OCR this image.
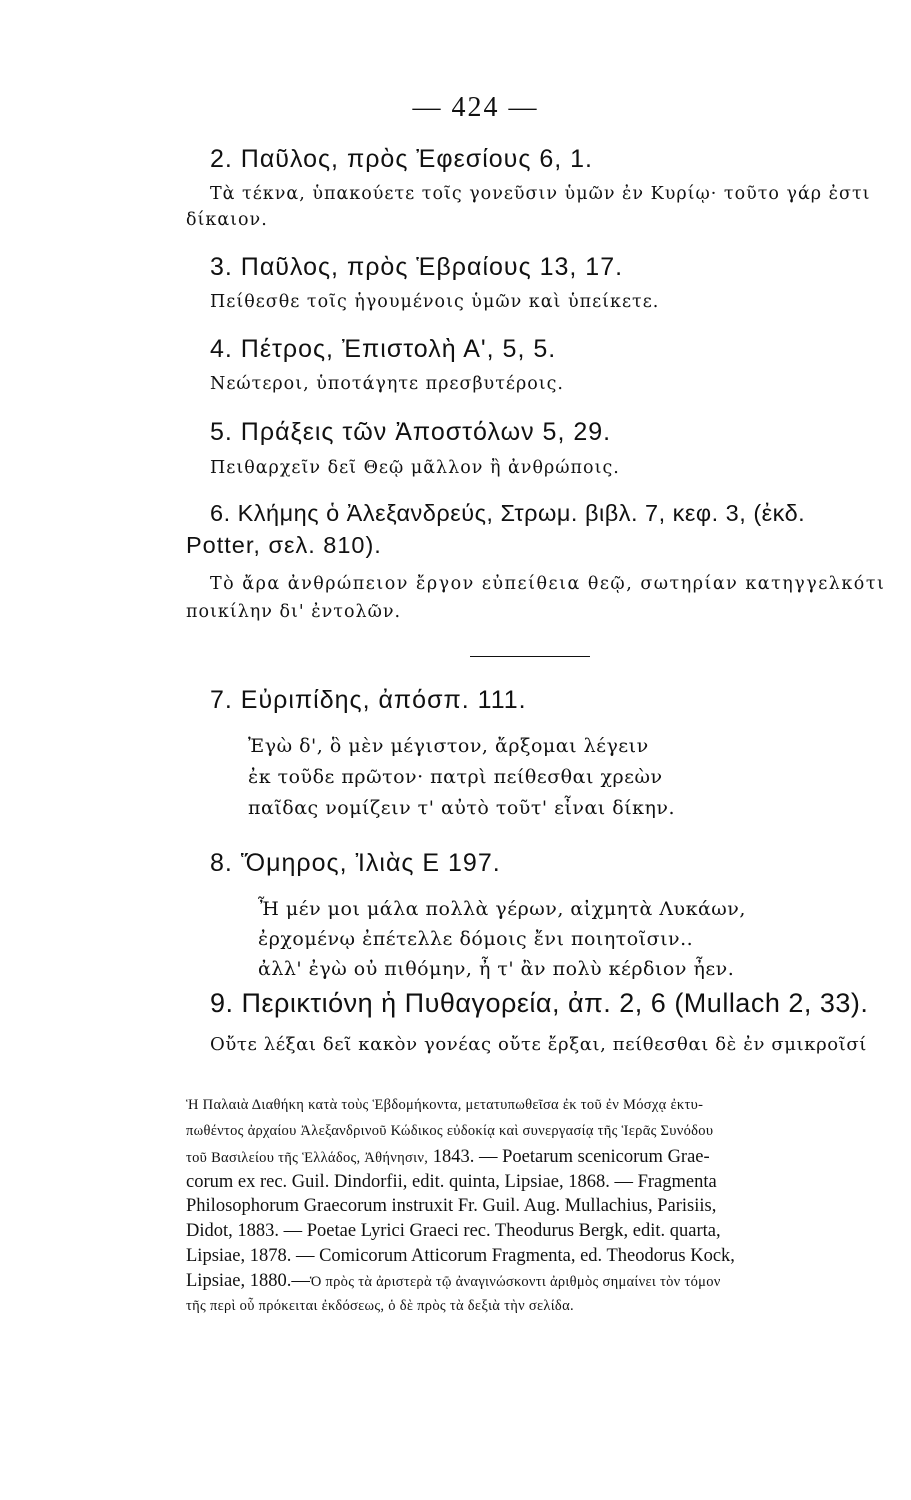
— 424 —
2. Παῦλος, πρὸς Ἐφεσίους 6, 1.
Τὰ τέκνα, ὑπακούετε τοῖς γονεῦσιν ὑμῶν ἐν Κυρίῳ· τοῦτο γάρ ἐστι
δίκαιον.
3. Παῦλος, πρὸς Ἑβραίους 13, 17.
Πείθεσθε τοῖς ἡγουμένοις ὑμῶν καὶ ὑπείκετε.
4. Πέτρος, Ἐπιστολὴ Α', 5, 5.
Νεώτεροι, ὑποτάγητε πρεσβυτέροις.
5. Πράξεις τῶν Ἀποστόλων 5, 29.
Πειθαρχεῖν δεῖ Θεῷ μᾶλλον ἢ ἀνθρώποις.
6. Κλήμης ὁ Ἀλεξανδρεύς, Στρωμ. βιβλ. 7, κεφ. 3, (ἐκδ.
Potter, σελ. 810).
Τὸ ἄρα ἀνθρώπειον ἔργον εὐπείθεια θεῷ, σωτηρίαν κατηγγελκότι
ποικίλην δι' ἐντολῶν.
7. Εὐριπίδης, ἀπόσπ. 111.
Ἐγὼ δ', ὃ μὲν μέγιστον, ἄρξομαι λέγειν
ἐκ τοῦδε πρῶτον· πατρὶ πείθεσθαι χρεὼν
παῖδας νομίζειν τ' αὐτὸ τοῦτ' εἶναι δίκην.
8. Ὅμηρος, Ἰλιὰς Ε 197.
Ἦ μέν μοι μάλα πολλὰ γέρων, αἰχμητὰ Λυκάων,
ἐρχομένῳ ἐπέτελλε δόμοις ἔνι ποιητοῖσιν..
ἀλλ' ἐγὼ οὐ πιθόμην, ἦ τ' ἂν πολὺ κέρδιον ἦεν.
9. Περικτιόνη ἡ Πυθαγορεία, ἀπ. 2, 6 (Mullach 2, 33).
Οὔτε λέξαι δεῖ κακὸν γονέας οὔτε ἔρξαι, πείθεσθαι δὲ ἐν σμικροῖσί
Ἡ Παλαιὰ Διαθήκη κατὰ τοὺς Ἑβδομήκοντα, μετατυπωθεῖσα ἐκ τοῦ ἐν Μόσχᾳ ἐκτυ-
πωθέντος ἀρχαίου Ἀλεξανδρινοῦ Κώδικος εὐδοκίᾳ καὶ συνεργασίᾳ τῆς Ἱερᾶς Συνόδου
τοῦ Βασιλείου τῆς Ἑλλάδος, Ἀθήνησιν, 1843. — Poetarum scenicorum Grae-
corum ex rec. Guil. Dindorfii, edit. quinta, Lipsiae, 1868. — Fragmenta
Philosophorum Graecorum instruxit Fr. Guil. Aug. Mullachius, Parisiis,
Didot, 1883. — Poetae Lyrici Graeci rec. Theodurus Bergk, edit. quarta,
Lipsiae, 1878. — Comicorum Atticorum Fragmenta, ed. Theodorus Kock,
Lipsiae, 1880.—Ὁ πρὸς τὰ ἀριστερὰ τῷ ἀναγινώσκοντι ἀριθμὸς σημαίνει τὸν τόμον
τῆς περὶ οὗ πρόκειται ἐκδόσεως, ὁ δὲ πρὸς τὰ δεξιὰ τὴν σελίδα.
